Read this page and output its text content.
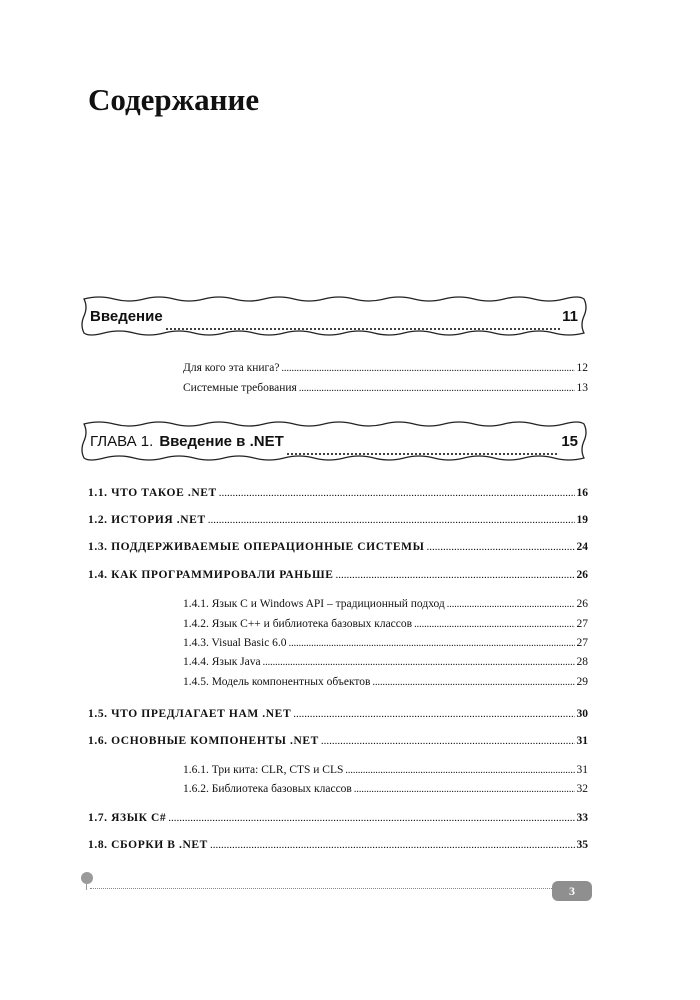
Содержание
Введение	11
Для кого эта книга? .....	12
Системные требования .....	13
ГЛАВА 1. Введение в .NET	15
1.1. ЧТО ТАКОЕ .NET .....	16
1.2. ИСТОРИЯ .NET .....	19
1.3. ПОДДЕРЖИВАЕМЫЕ ОПЕРАЦИОННЫЕ СИСТЕМЫ .....	24
1.4. КАК ПРОГРАММИРОВАЛИ РАНЬШЕ .....	26
1.4.1. Язык C и Windows API – традиционный подход .....	26
1.4.2. Язык C++ и библиотека базовых классов .....	27
1.4.3. Visual Basic 6.0 .....	27
1.4.4. Язык Java .....	28
1.4.5. Модель компонентных объектов .....	29
1.5. ЧТО ПРЕДЛАГАЕТ НАМ .NET .....	30
1.6. ОСНОВНЫЕ КОМПОНЕНТЫ .NET .....	31
1.6.1. Три кита: CLR, CTS и CLS .....	31
1.6.2. Библиотека базовых классов .....	32
1.7. ЯЗЫК C# .....	33
1.8. СБОРКИ В .NET .....	35
3
